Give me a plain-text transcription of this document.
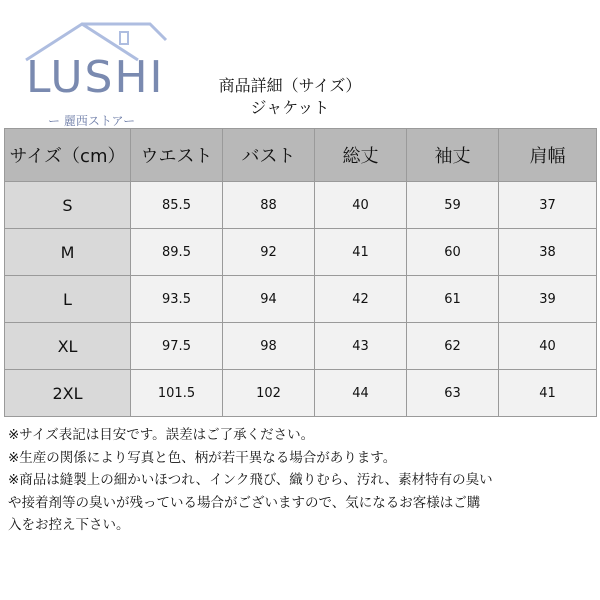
LUSHI
ー 麗西ストアー
商品詳細（サイズ）
ジャケット
サイズ（cm）	ウエスト	バスト	総丈	袖丈	肩幅
S	85.5	88	40	59	37
M	89.5	92	41	60	38
L	93.5	94	42	61	39
XL	97.5	98	43	62	40
2XL	101.5	102	44	63	41

※サイズ表記は目安です。誤差はご了承ください。

※生産の関係により写真と色、柄が若干異なる場合があります。

※商品は縫製上の細かいほつれ、インク飛び、織りむら、汚れ、素材特有の臭い

や接着剤等の臭いが残っている場合がございますので、気になるお客様はご購

入をお控え下さい。
